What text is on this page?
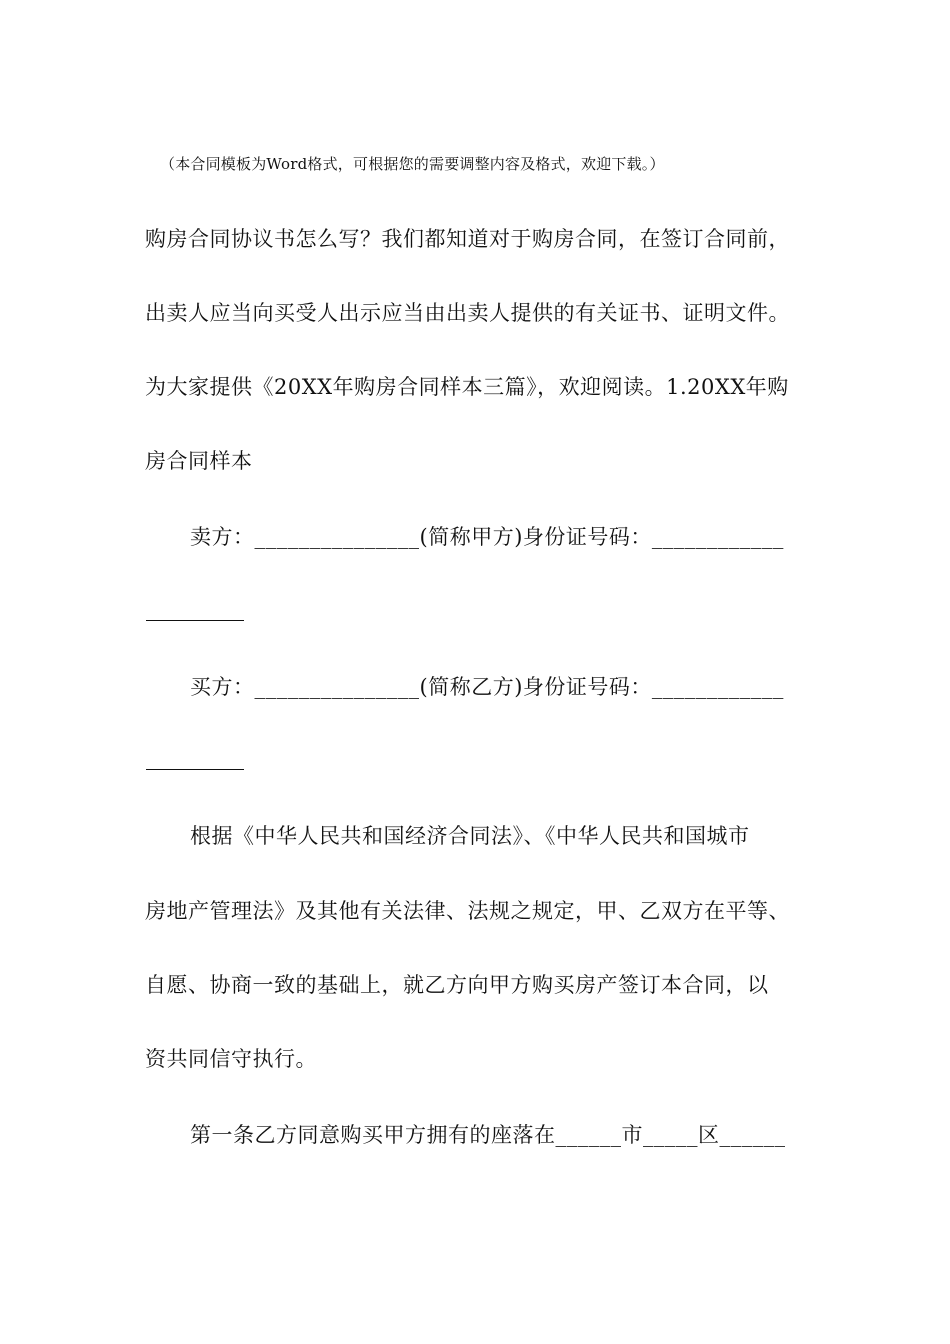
（本合同模板为Word格式，可根据您的需要调整内容及格式，欢迎下载。）
购房合同协议书怎么写？我们都知道对于购房合同，在签订合同前，
出卖人应当向买受人出示应当由出卖人提供的有关证书、证明文件。
为大家提供《20XX年购房合同样本三篇》，欢迎阅读。1.20XX年购
房合同样本
卖方：_______________(简称甲方)身份证号码：____________
买方：_______________(简称乙方)身份证号码：____________
根据《中华人民共和国经济合同法》、《中华人民共和国城市
房地产管理法》及其他有关法律、法规之规定，甲、乙双方在平等、
自愿、协商一致的基础上，就乙方向甲方购买房产签订本合同，以
资共同信守执行。
第一条乙方同意购买甲方拥有的座落在______市_____区______
